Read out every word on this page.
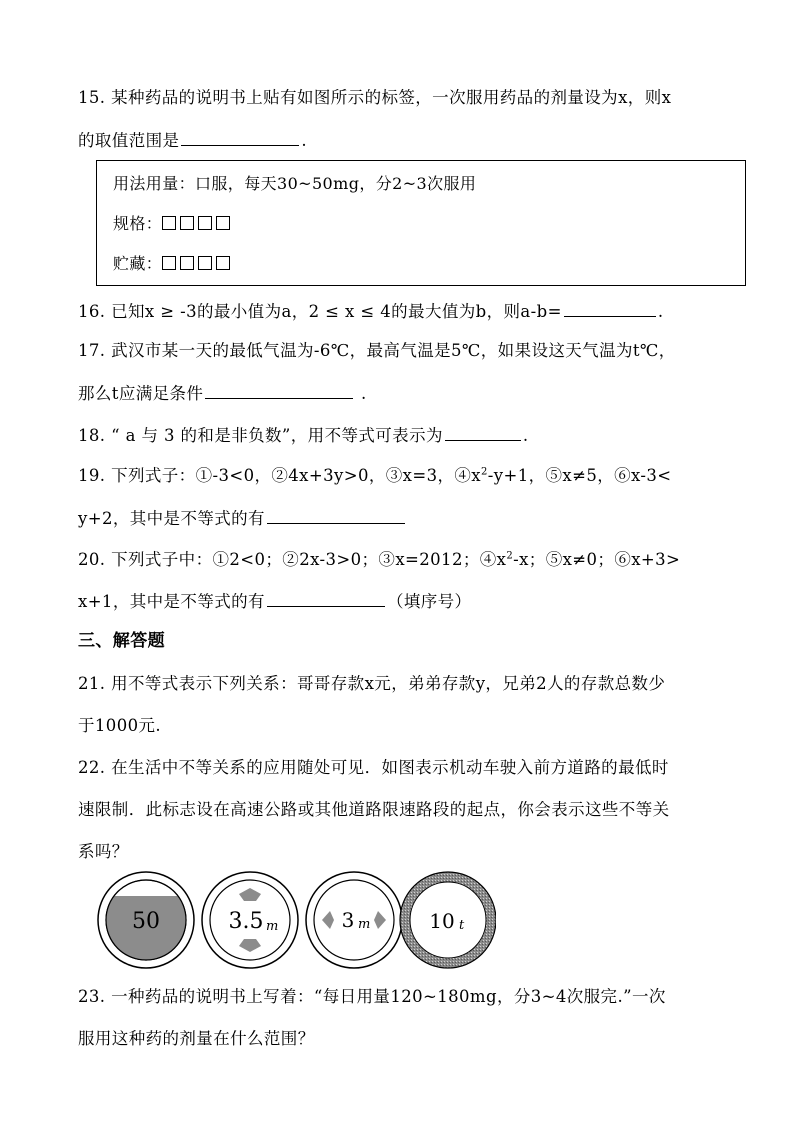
15. 某种药品的说明书上贴有如图所示的标签，一次服用药品的剂量设为x，则x
的取值范围是	.
用法用量：口服，每天30~50mg，分2~3次服用
规格：
贮藏：
16. 已知x ≥ -3的最小值为a，2 ≤ x ≤ 4的最大值为b，则a-b=	.
17. 武汉市某一天的最低气温为-6℃，最高气温是5℃，如果设这天气温为t℃，
那么t应满足条件	.
18. “ a 与 3 的和是非负数”，用不等式可表示为	.
19. 下列式子：①-3<0，②4x+3y>0，③x=3，$④x^2-y+1$，⑤x≠5，⑥x-3<
y+2，其中是不等式的有
20. 下列式子中：①2<0；②2x-3>0；③x=2012；$④x^2-x$；⑤x≠0；⑥x+3>
x+1，其中是不等式的有	（填序号）
三、解答题
21. 用不等式表示下列关系：哥哥存款x元，弟弟存款y，兄弟2人的存款总数少
于1000元.
22. 在生活中不等关系的应用随处可见．如图表示机动车驶入前方道路的最低时
速限制．此标志设在高速公路或其他道路限速路段的起点，你会表示这些不等关
系吗？
50	3.5 m	3 m	10 t
23. 一种药品的说明书上写着：“每日用量120~180mg，分3~4次服完.”一次
服用这种药的剂量在什么范围？
